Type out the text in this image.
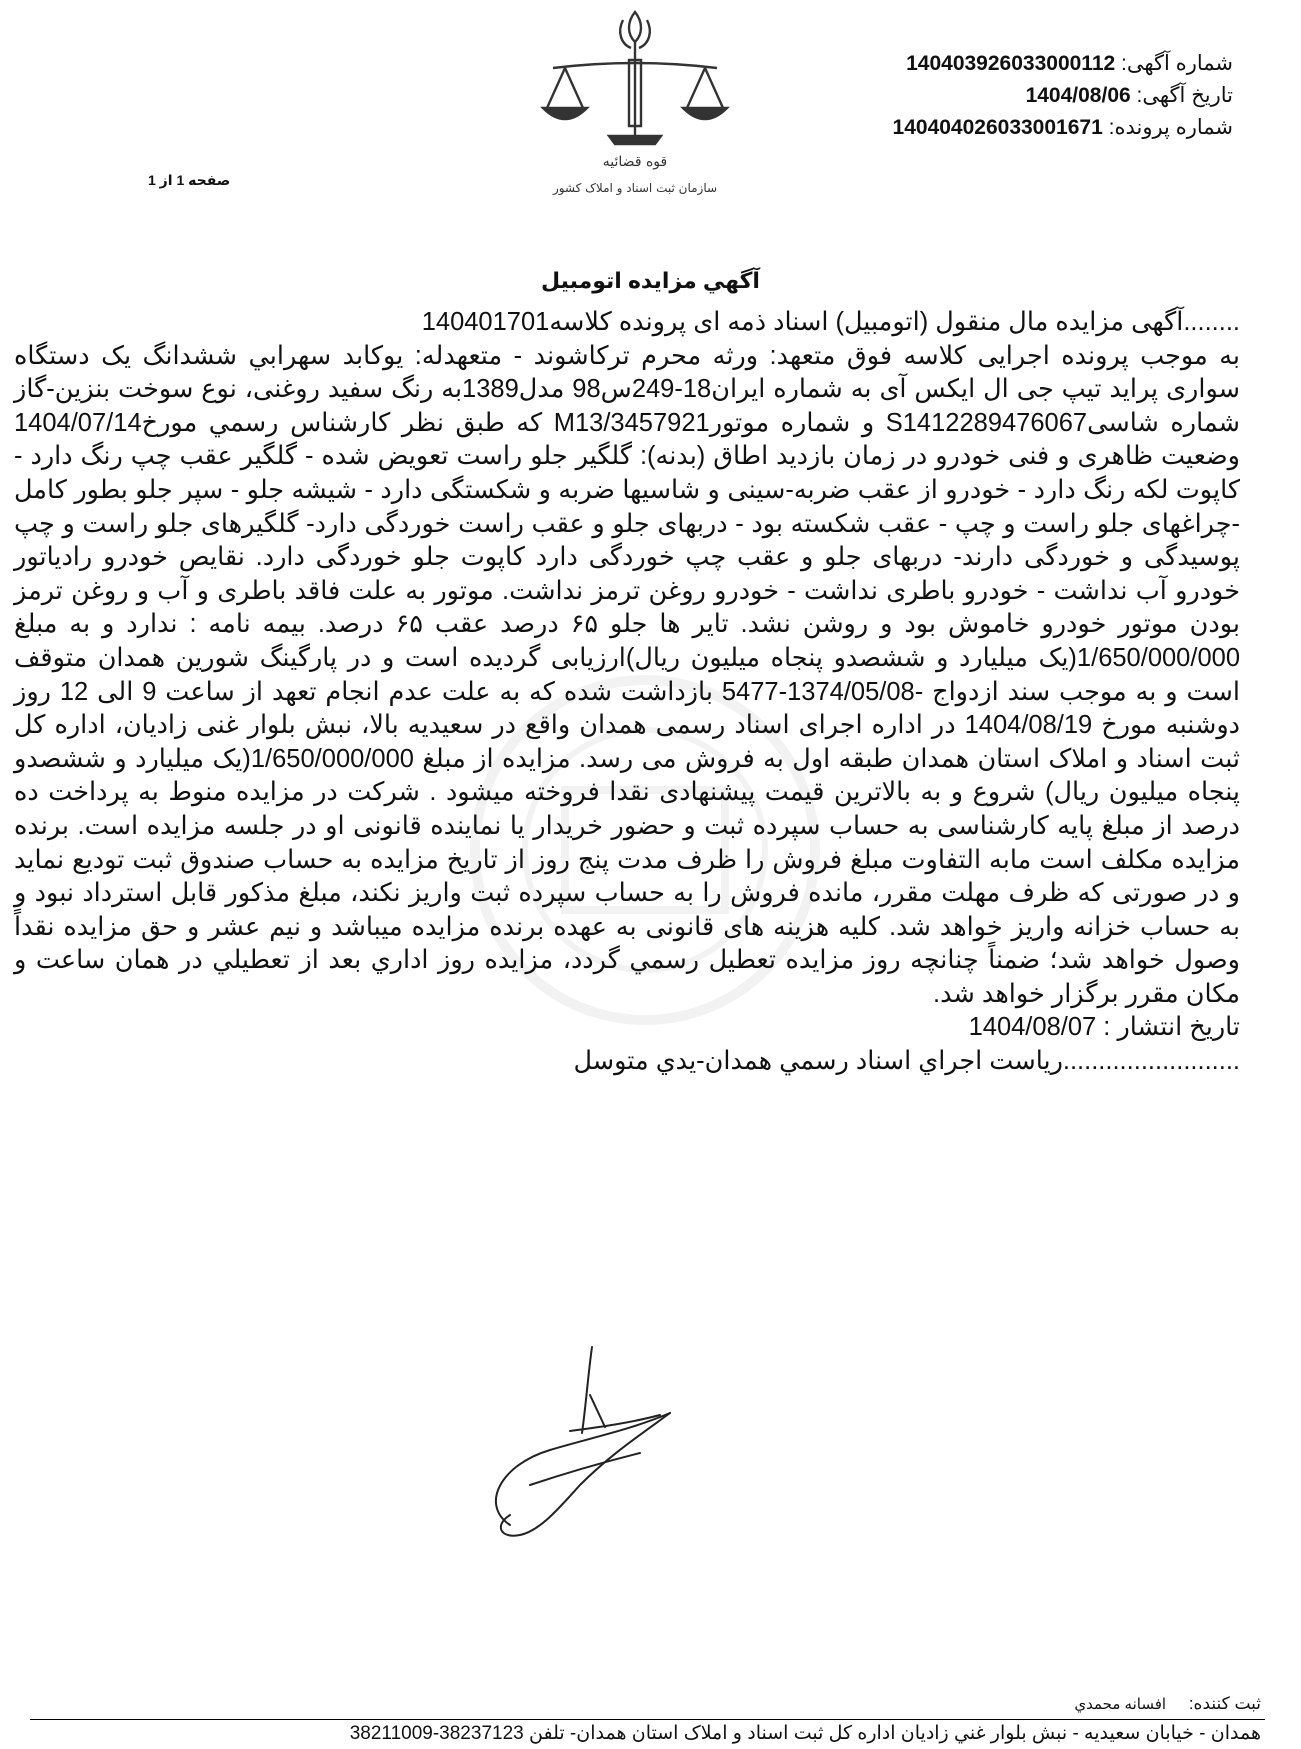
شماره آگهی: 140403926033000112
تاریخ آگهی: 1404/08/06
شماره پرونده: 140404026033001671
قوه قضائیه
سازمان ثبت اسناد و املاک کشور
صفحه 1 از 1
آگهي مزايده اتومبيل

........آگهی مزایده مال منقول (اتومبیل) اسناد ذمه ای پرونده کلاسه140401701

به موجب پرونده اجرایی کلاسه فوق متعهد: ورثه محرم ترکاشوند - متعهدله: يوکابد سهرابي ششدانگ یک دستگاه سواری پراید تیپ جی ال ایکس آی به شماره ایران18-249س98 مدل1389به رنگ سفید روغنی، نوع سوخت بنزین-گاز شماره شاسیS1412289476067 و شماره موتورM13/3457921 که طبق نظر کارشناس رسمي مورخ1404/07/14 وضعیت ظاهری و فنی خودرو در زمان بازدید اطاق (بدنه): گلگیر جلو راست تعویض شده - گلگیر عقب چپ رنگ دارد - کاپوت لکه رنگ دارد - خودرو از عقب ضربه-سینی و شاسیها ضربه و شکستگی دارد - شیشه جلو - سپر جلو بطور کامل -چراغهای جلو راست و چپ - عقب شکسته بود - دربهای جلو و عقب راست خوردگی دارد- گلگیرهای جلو راست و چپ پوسیدگی و خوردگی دارند- دربهای جلو و عقب چپ خوردگی دارد کاپوت جلو خوردگی دارد. نقایص خودرو رادیاتور خودرو آب نداشت - خودرو باطری نداشت - خودرو روغن ترمز نداشت. موتور به علت فاقد باطری و آب و روغن ترمز بودن موتور خودرو خاموش بود و روشن نشد. تایر ها جلو ۶۵ درصد عقب ۶۵ درصد. بیمه نامه : ندارد و به مبلغ 1/650/000/000(یک میلیارد و ششصدو پنجاه میلیون ریال)ارزیابی گردیده است و در پارگینگ شورین همدان متوقف است و به موجب سند ازدواج -1374/05/08-5477 بازداشت شده که به علت عدم انجام تعهد از ساعت 9 الی 12 روز دوشنبه مورخ 1404/08/19 در اداره اجرای اسناد رسمی همدان واقع در سعیدیه بالا، نبش بلوار غنی زادیان، اداره کل ثبت اسناد و املاک استان همدان طبقه اول به فروش می رسد. مزایده از مبلغ 1/650/000/000(یک میلیارد و ششصدو پنجاه میلیون ریال) شروع و به بالاترین قیمت پیشنهادی نقدا فروخته میشود . شرکت در مزایده منوط به پرداخت ده درصد از مبلغ پایه کارشناسی به حساب سپرده ثبت و حضور خریدار یا نماینده قانونی او در جلسه مزایده است. برنده مزایده مکلف است مابه التفاوت مبلغ فروش را ظرف مدت پنج روز از تاریخ مزایده به حساب صندوق ثبت تودیع نماید و در صورتی که ظرف مهلت مقرر، مانده فروش را به حساب سپرده ثبت واریز نکند، مبلغ مذکور قابل استرداد نبود و به حساب خزانه واریز خواهد شد. کلیه هزینه های قانونی به عهده برنده مزایده میباشد و نیم عشر و حق مزایده نقداً وصول خواهد شد؛ ضمناً چنانچه روز مزایده تعطیل رسمي گردد، مزايده روز اداري بعد از تعطيلي در همان ساعت و مكان مقرر برگزار خواهد شد.

تاریخ انتشار : 1404/08/07

.........................رياست اجراي اسناد رسمي همدان-يدي متوسل

ثبت کننده: افسانه محمدي
همدان - خیابان سعیدیه - نبش بلوار غني زاديان اداره كل ثبت اسناد و املاک استان همدان- تلفن 38237123-38211009
